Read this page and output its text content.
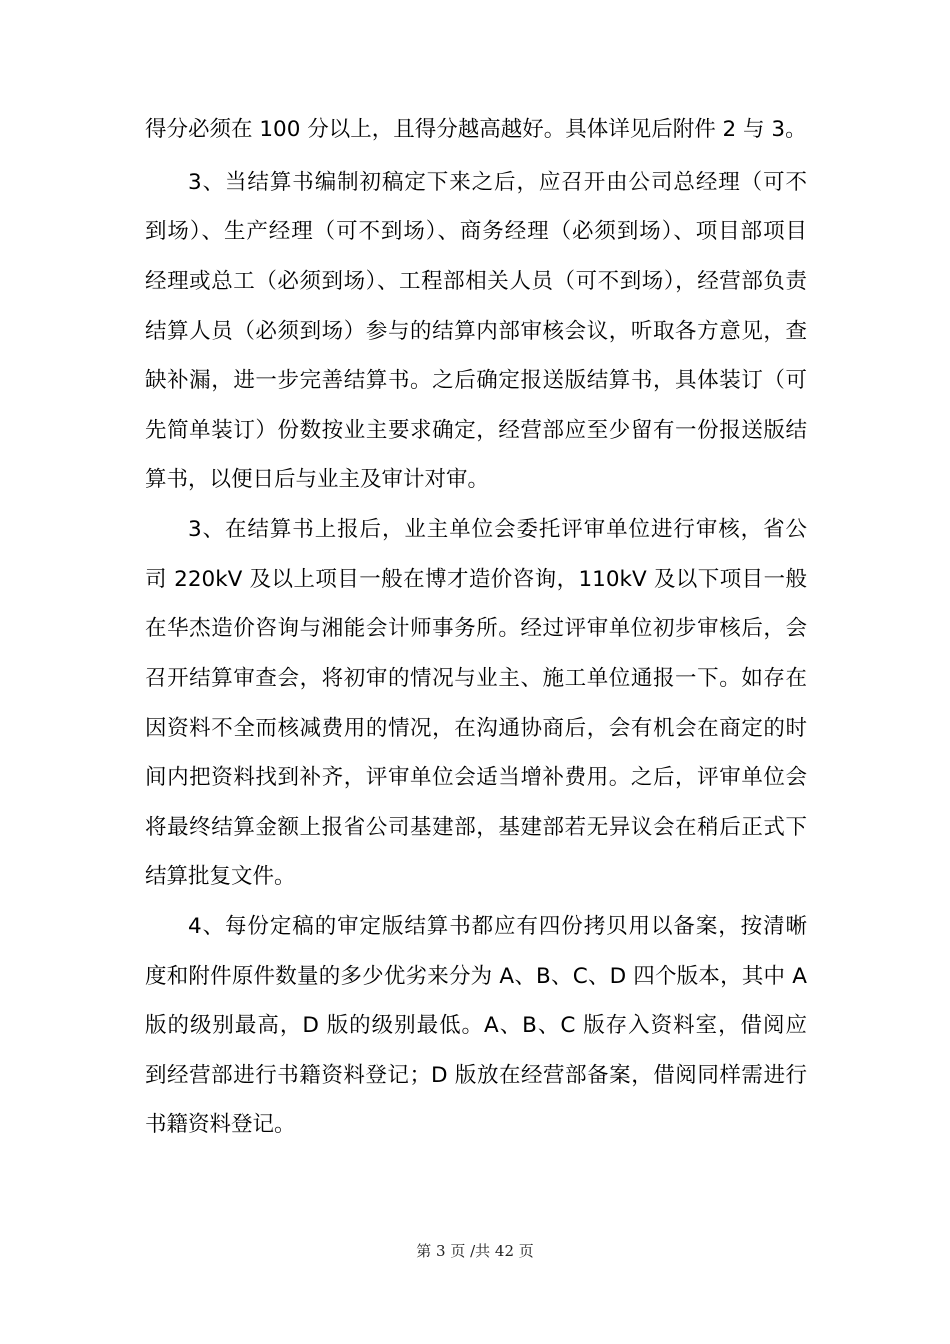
得分必须在 100 分以上，且得分越高越好。具体详见后附件 2 与 3。
3、当结算书编制初稿定下来之后，应召开由公司总经理（可不
到场）、生产经理（可不到场）、商务经理（必须到场）、项目部项目
经理或总工（必须到场）、工程部相关人员（可不到场），经营部负责
结算人员（必须到场）参与的结算内部审核会议，听取各方意见，查
缺补漏，进一步完善结算书。之后确定报送版结算书，具体装订（可
先简单装订）份数按业主要求确定，经营部应至少留有一份报送版结
算书，以便日后与业主及审计对审。
3、在结算书上报后，业主单位会委托评审单位进行审核，省公
司 220kV 及以上项目一般在博才造价咨询，110kV 及以下项目一般
在华杰造价咨询与湘能会计师事务所。经过评审单位初步审核后，会
召开结算审查会，将初审的情况与业主、施工单位通报一下。如存在
因资料不全而核减费用的情况，在沟通协商后，会有机会在商定的时
间内把资料找到补齐，评审单位会适当增补费用。之后，评审单位会
将最终结算金额上报省公司基建部，基建部若无异议会在稍后正式下
结算批复文件。
4、每份定稿的审定版结算书都应有四份拷贝用以备案，按清晰
度和附件原件数量的多少优劣来分为 A、B、C、D 四个版本，其中 A
版的级别最高，D 版的级别最低。A、B、C 版存入资料室，借阅应
到经营部进行书籍资料登记；D 版放在经营部备案，借阅同样需进行
书籍资料登记。
第 3 页 /共 42 页
